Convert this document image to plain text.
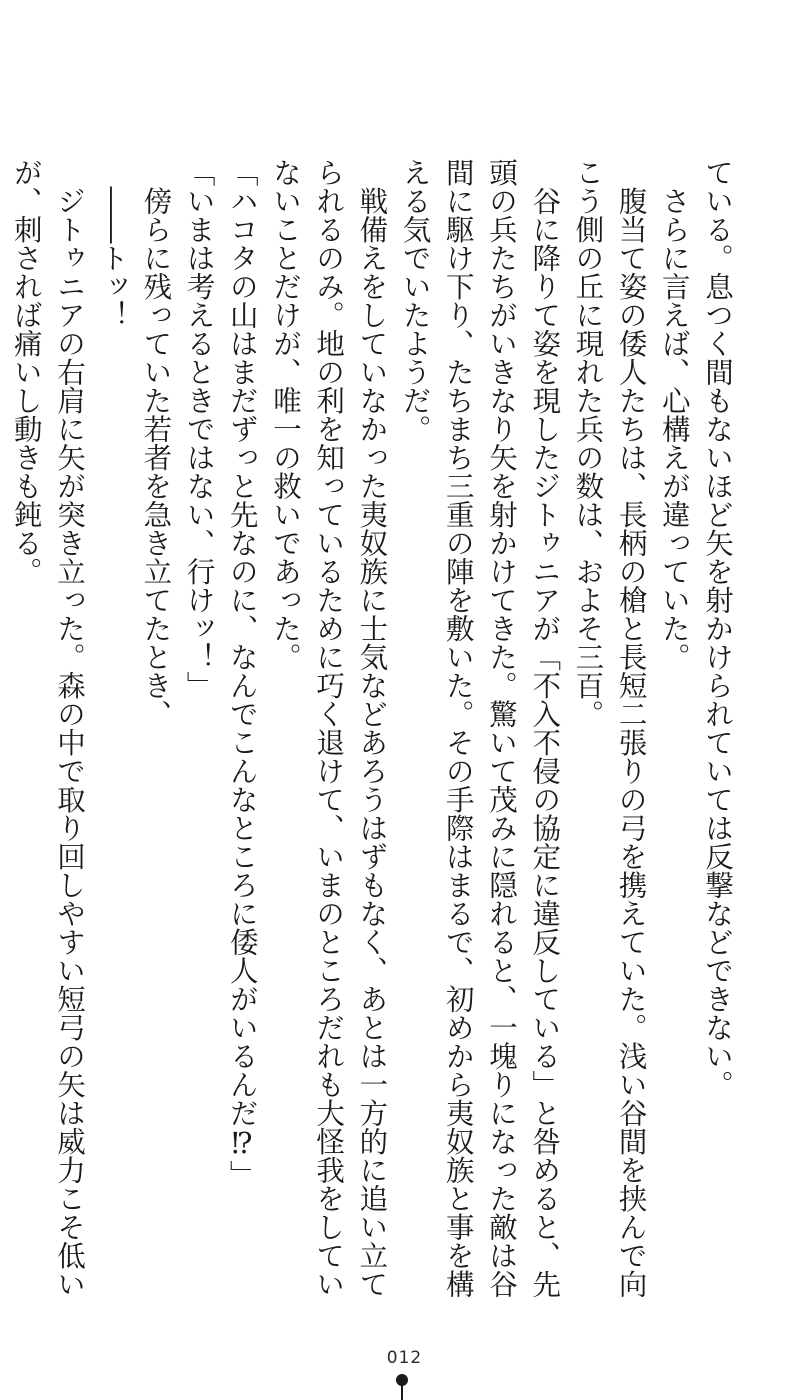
ている。息つく間もないほど矢を射かけられていては反撃などできない。
　さらに言えば、心構えが違っていた。
　腹当て姿の倭人たちは、長柄の槍と長短二張りの弓を携えていた。浅い谷間を挟んで向
こう側の丘に現れた兵の数は、およそ三百。
　谷に降りて姿を現したジトゥニアが「不入不侵の協定に違反している」と咎めると、先
頭の兵たちがいきなり矢を射かけてきた。驚いて茂みに隠れると、一塊りになった敵は谷
間に駆け下り、たちまち三重の陣を敷いた。その手際はまるで、初めから夷奴族と事を構
える気でいたようだ。
　戦備えをしていなかった夷奴族に士気などあろうはずもなく、あとは一方的に追い立て
られるのみ。地の利を知っているために巧く退けて、いまのところだれも大怪我をしてい
ないことだけが、唯一の救いであった。
「ハコタの山はまだずっと先なのに、なんでこんなところに倭人がいるんだ⁉」
「いまは考えるときではない、行けッ！」
　傍らに残っていた若者を急き立てたとき、
　――トッ！
　ジトゥニアの右肩に矢が突き立った。森の中で取り回しやすい短弓の矢は威力こそ低い
が、刺されば痛いし動きも鈍る。
012
